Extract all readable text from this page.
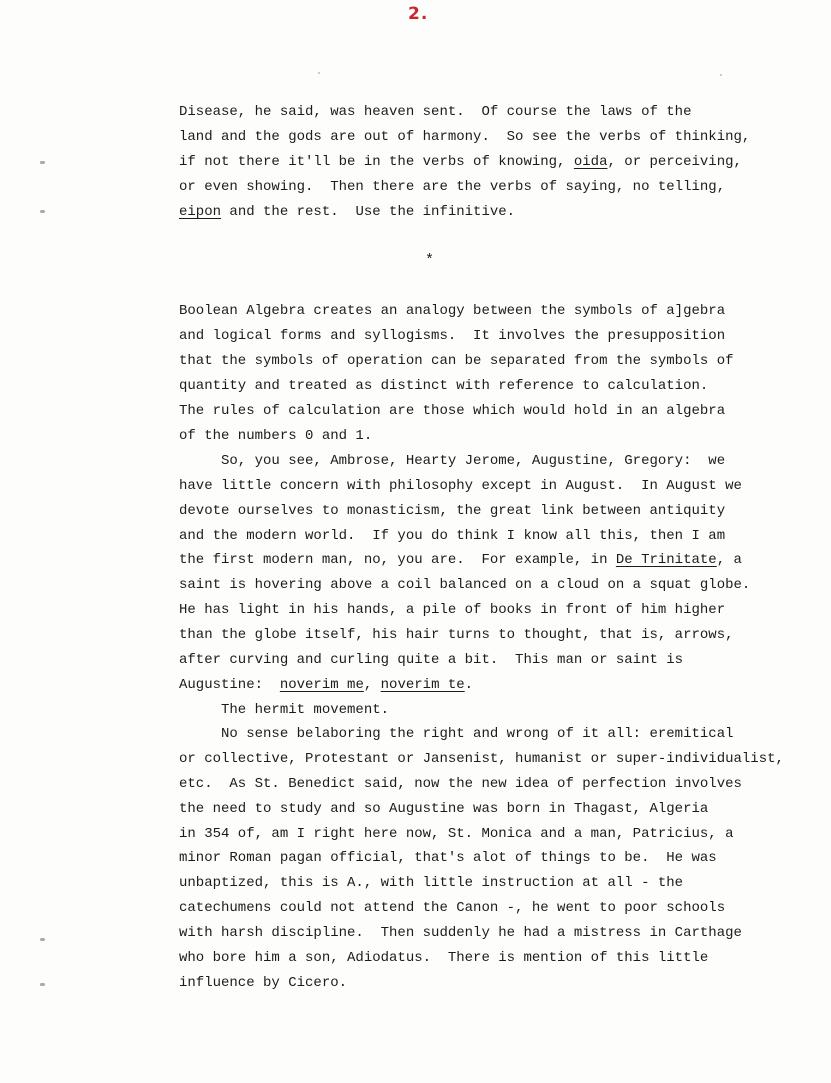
2.
Disease, he said, was heaven sent.  Of course the laws of the
land and the gods are out of harmony.  So see the verbs of thinking,
if not there it'll be in the verbs of knowing, oida, or perceiving,
or even showing.  Then there are the verbs of saying, no telling,
eipon and the rest.  Use the infinitive.
*
Boolean Algebra creates an analogy between the symbols of a]gebra
and logical forms and syllogisms.  It involves the presupposition
that the symbols of operation can be separated from the symbols of
quantity and treated as distinct with reference to calculation.
The rules of calculation are those which would hold in an algebra
of the numbers 0 and 1.
So, you see, Ambrose, Hearty Jerome, Augustine, Gregory:  we
have little concern with philosophy except in August.  In August we
devote ourselves to monasticism, the great link between antiquity
and the modern world.  If you do think I know all this, then I am
the first modern man, no, you are.  For example, in De Trinitate, a
saint is hovering above a coil balanced on a cloud on a squat globe.
He has light in his hands, a pile of books in front of him higher
than the globe itself, his hair turns to thought, that is, arrows,
after curving and curling quite a bit.  This man or saint is
Augustine:  noverim me, noverim te.
The hermit movement.
No sense belaboring the right and wrong of it all: eremitical
or collective, Protestant or Jansenist, humanist or super-individualist,
etc.  As St. Benedict said, now the new idea of perfection involves
the need to study and so Augustine was born in Thagast, Algeria
in 354 of, am I right here now, St. Monica and a man, Patricius, a
minor Roman pagan official, that's alot of things to be.  He was
unbaptized, this is A., with little instruction at all - the
catechumens could not attend the Canon -, he went to poor schools
with harsh discipline.  Then suddenly he had a mistress in Carthage
who bore him a son, Adiodatus.  There is mention of this little
influence by Cicero.
